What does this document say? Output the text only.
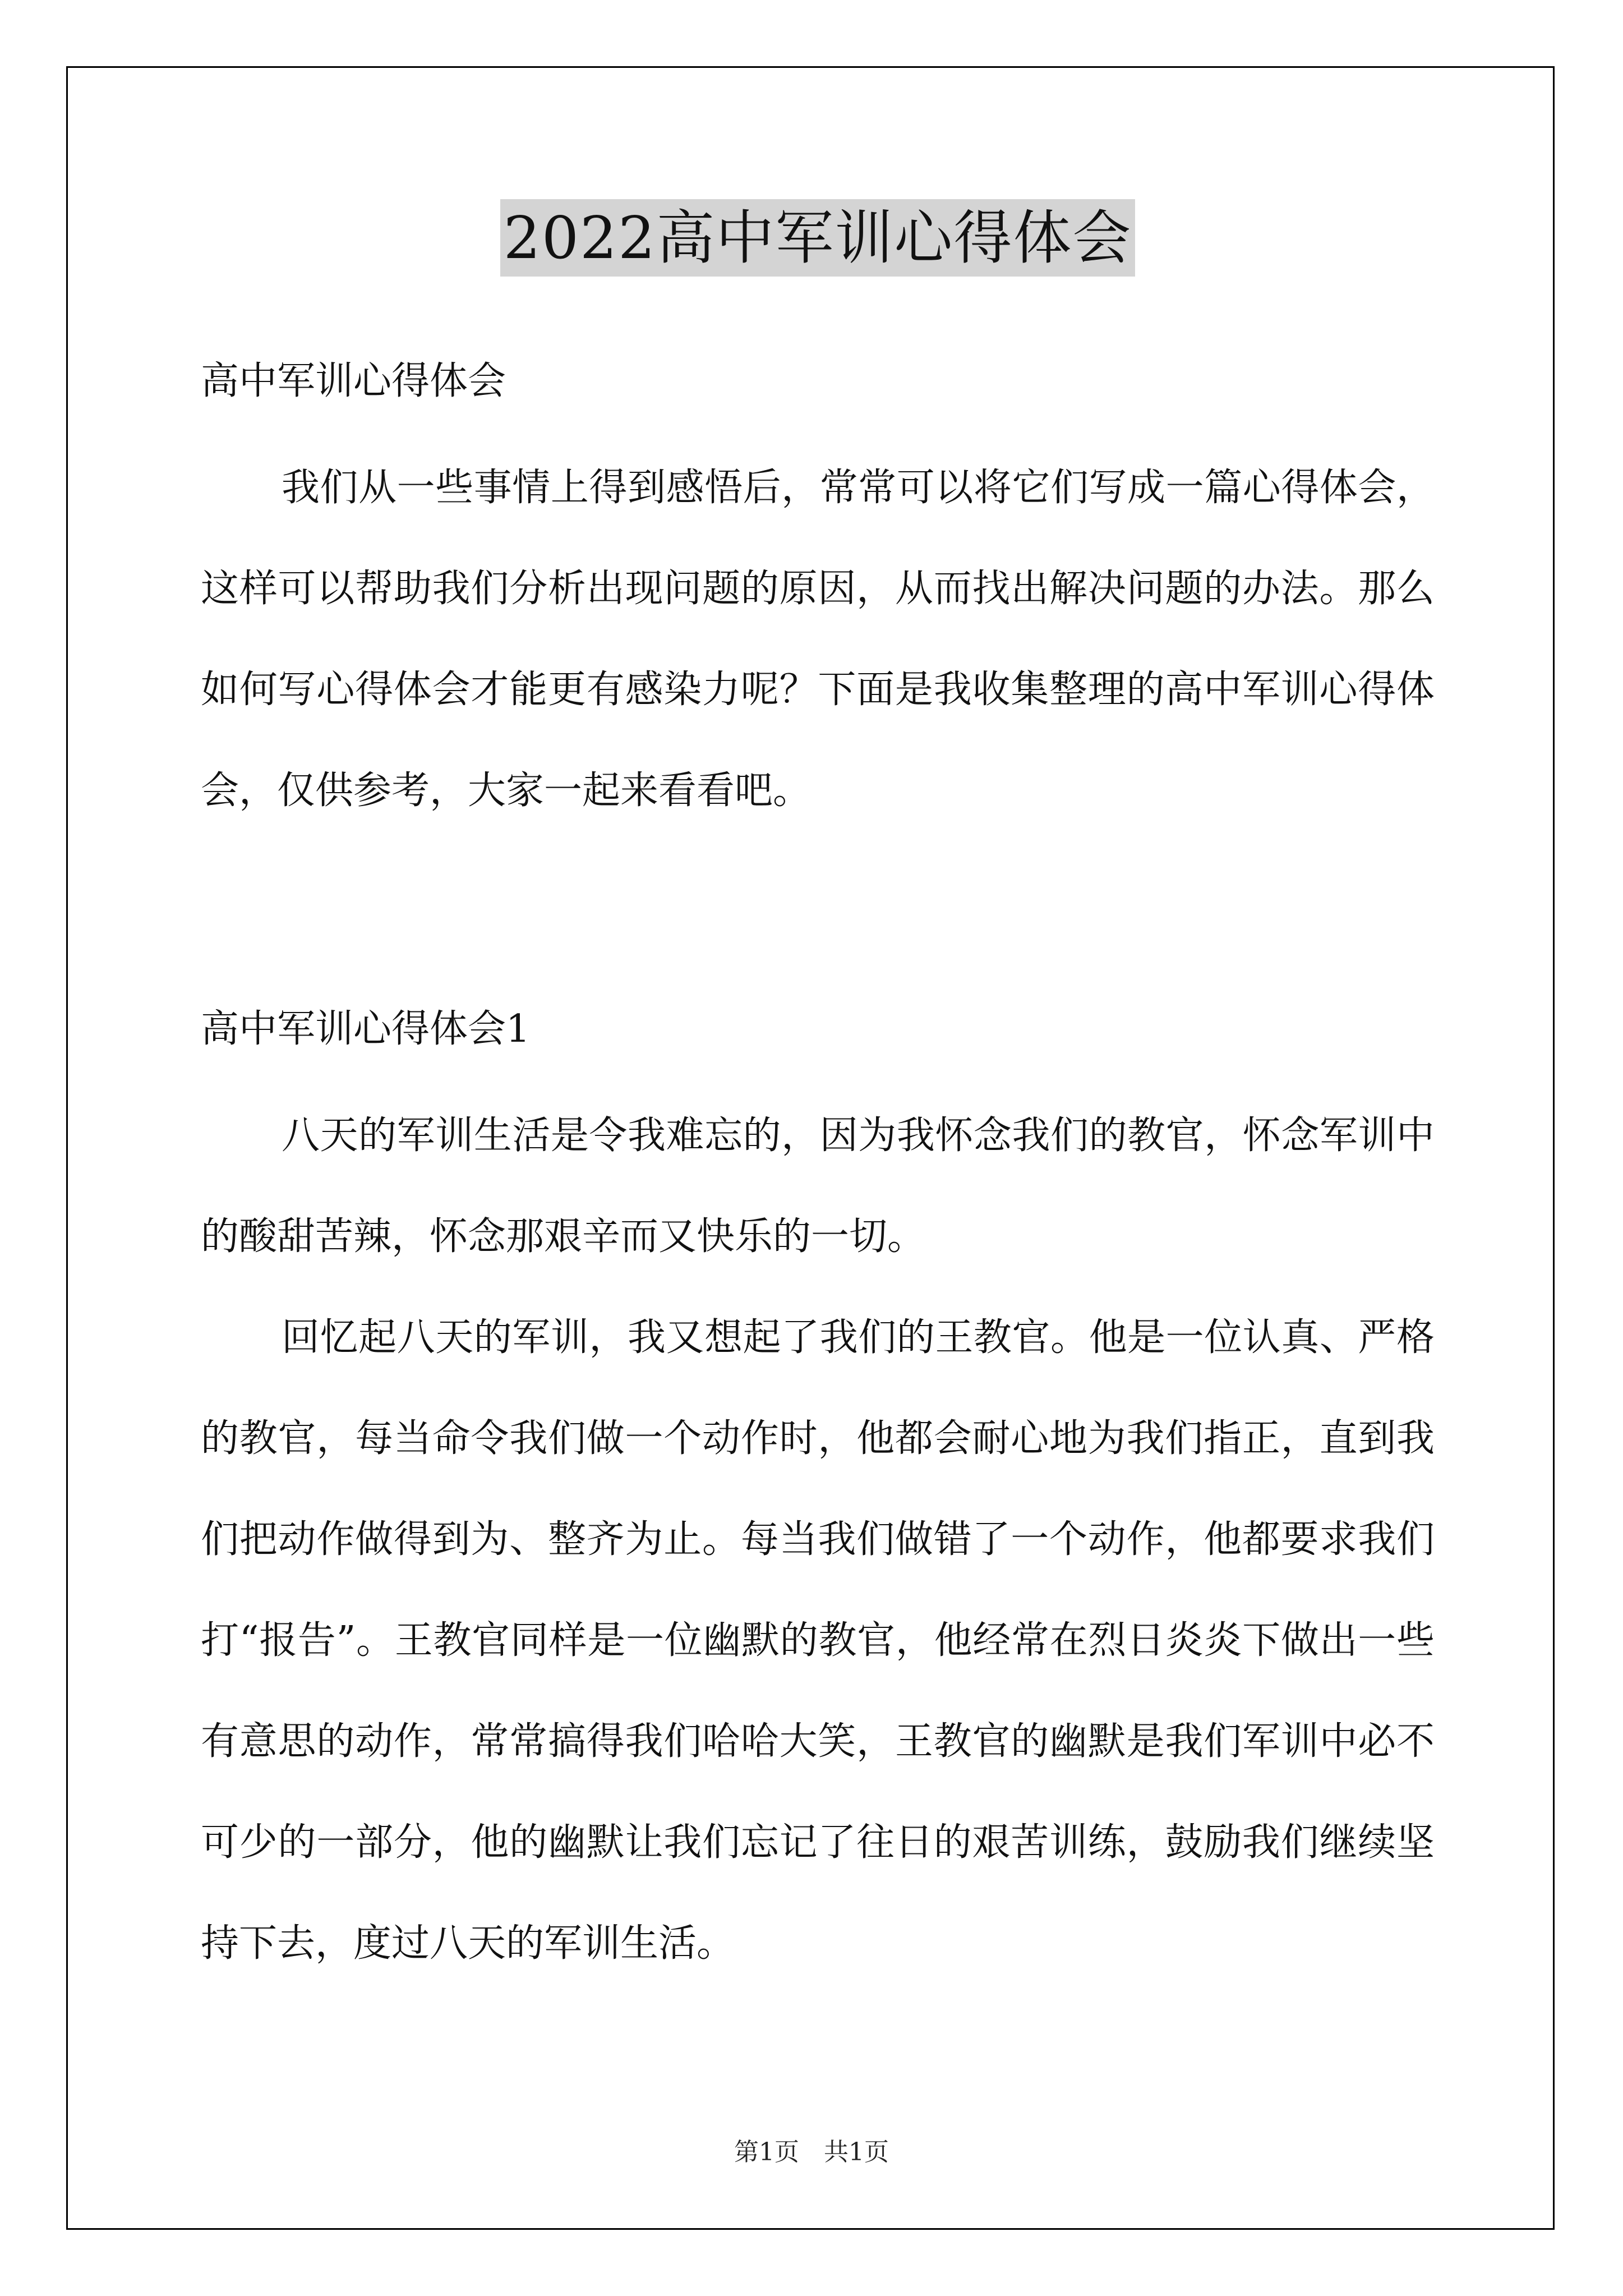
2022高中军训心得体会
高中军训心得体会
我们从一些事情上得到感悟后，常常可以将它们写成一篇心得体会，这样可以帮助我们分析出现问题的原因，从而找出解决问题的办法。那么如何写心得体会才能更有感染力呢？下面是我收集整理的高中军训心得体会，仅供参考，大家一起来看看吧。
高中军训心得体会1
八天的军训生活是令我难忘的，因为我怀念我们的教官，怀念军训中的酸甜苦辣，怀念那艰辛而又快乐的一切。
回忆起八天的军训，我又想起了我们的王教官。他是一位认真、严格的教官，每当命令我们做一个动作时，他都会耐心地为我们指正，直到我们把动作做得到为、整齐为止。每当我们做错了一个动作，他都要求我们打“报告”。王教官同样是一位幽默的教官，他经常在烈日炎炎下做出一些有意思的动作，常常搞得我们哈哈大笑，王教官的幽默是我们军训中必不可少的一部分，他的幽默让我们忘记了往日的艰苦训练，鼓励我们继续坚持下去，度过八天的军训生活。
第1页　共1页
